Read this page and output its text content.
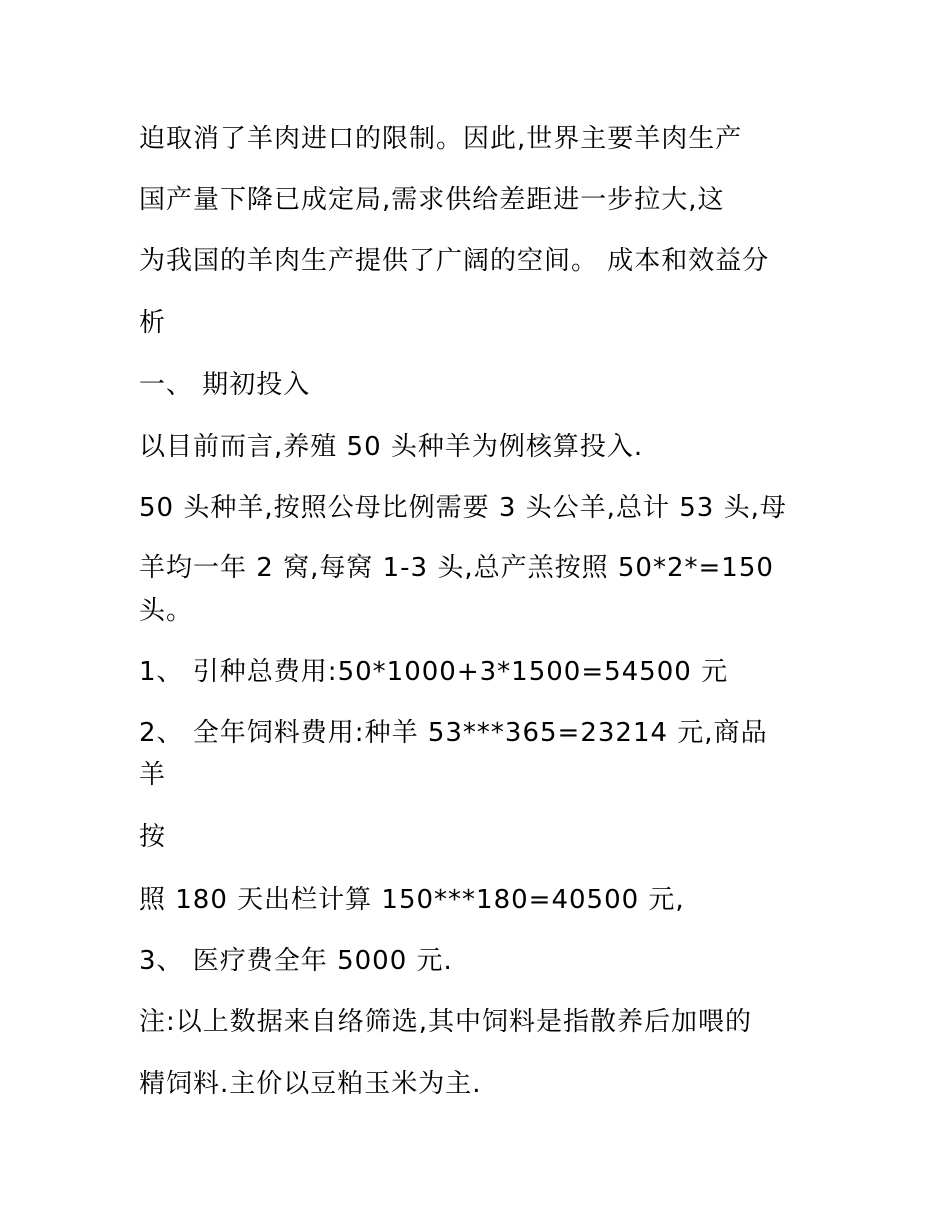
迫取消了羊肉进口的限制。因此,世界主要羊肉生产

国产量下降已成定局,需求供给差距进一步拉大,这

为我国的羊肉生产提供了广阔的空间。 成本和效益分

析

一、 期初投入

以目前而言,养殖 50 头种羊为例核算投入.

50 头种羊,按照公母比例需要 3 头公羊,总计 53 头,母

羊均一年 2 窝,每窝 1-3 头,总产羔按照 50*2*=150

头。

1、 引种总费用:50*1000+3*1500=54500 元

2、 全年饲料费用:种羊 53***365=23214 元,商品

羊

按

照 180 天出栏计算 150***180=40500 元,

3、 医疗费全年 5000 元.

注:以上数据来自络筛选,其中饲料是指散养后加喂的

精饲料.主价以豆粕玉米为主.
